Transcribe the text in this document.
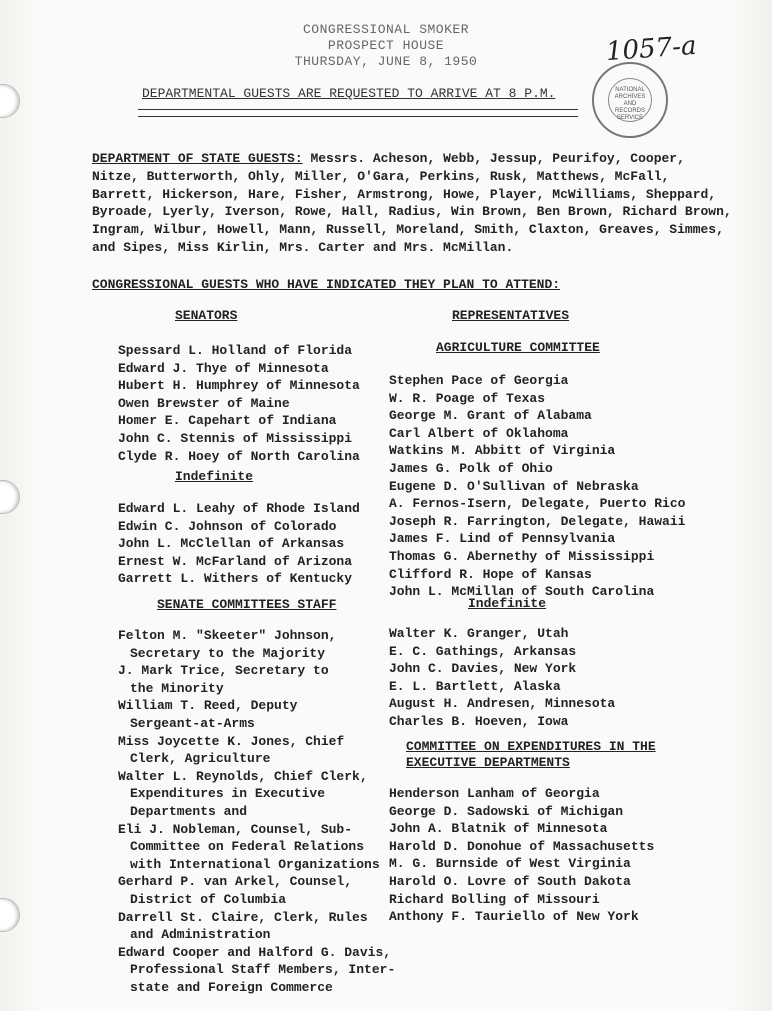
CONGRESSIONAL SMOKER
PROSPECT HOUSE
THURSDAY, JUNE 8, 1950	1057-a
NATIONAL ARCHIVES AND RECORDS SERVICE
DEPARTMENTAL GUESTS ARE REQUESTED TO ARRIVE AT 8 P.M.
DEPARTMENT OF STATE GUESTS: Messrs. Acheson, Webb, Jessup, Peurifoy, Cooper, Nitze, Butterworth, Ohly, Miller, O'Gara, Perkins, Rusk, Matthews, McFall, Barrett, Hickerson, Hare, Fisher, Armstrong, Howe, Player, McWilliams, Sheppard, Byroade, Lyerly, Iverson, Rowe, Hall, Radius, Win Brown, Ben Brown, Richard Brown, Ingram, Wilbur, Howell, Mann, Russell, Moreland, Smith, Claxton, Greaves, Simmes, and Sipes, Miss Kirlin, Mrs. Carter and Mrs. McMillan.
CONGRESSIONAL GUESTS WHO HAVE INDICATED THEY PLAN TO ATTEND:
SENATORS
Spessard L. Holland of Florida
Edward J. Thye of Minnesota
Hubert H. Humphrey of Minnesota
Owen Brewster of Maine
Homer E. Capehart of Indiana
John C. Stennis of Mississippi
Clyde R. Hoey of North Carolina
Indefinite
Edward L. Leahy of Rhode Island
Edwin C. Johnson of Colorado
John L. McClellan of Arkansas
Ernest W. McFarland of Arizona
Garrett L. Withers of Kentucky
SENATE COMMITTEES STAFF
Felton M. "Skeeter" Johnson,
Secretary to the Majority
J. Mark Trice, Secretary to
the Minority
William T. Reed, Deputy
Sergeant-at-Arms
Miss Joycette K. Jones, Chief
Clerk, Agriculture
Walter L. Reynolds, Chief Clerk,
Expenditures in Executive
Departments and
Eli J. Nobleman, Counsel, Sub-
Committee on Federal Relations
with International Organizations
Gerhard P. van Arkel, Counsel,
District of Columbia
Darrell St. Claire, Clerk, Rules
and Administration
Edward Cooper and Halford G. Davis,
Professional Staff Members, Inter-
state and Foreign Commerce
REPRESENTATIVES
AGRICULTURE COMMITTEE
Stephen Pace of Georgia
W. R. Poage of Texas
George M. Grant of Alabama
Carl Albert of Oklahoma
Watkins M. Abbitt of Virginia
James G. Polk of Ohio
Eugene D. O'Sullivan of Nebraska
A. Fernos-Isern, Delegate, Puerto Rico
Joseph R. Farrington, Delegate, Hawaii
James F. Lind of Pennsylvania
Thomas G. Abernethy of Mississippi
Clifford R. Hope of Kansas
John L. McMillan of South Carolina
Indefinite
Walter K. Granger, Utah
E. C. Gathings, Arkansas
John C. Davies, New York
E. L. Bartlett, Alaska
August H. Andresen, Minnesota
Charles B. Hoeven, Iowa
COMMITTEE ON EXPENDITURES IN THE
EXECUTIVE DEPARTMENTS
Henderson Lanham of Georgia
George D. Sadowski of Michigan
John A. Blatnik of Minnesota
Harold D. Donohue of Massachusetts
M. G. Burnside of West Virginia
Harold O. Lovre of South Dakota
Richard Bolling of Missouri
Anthony F. Tauriello of New York
